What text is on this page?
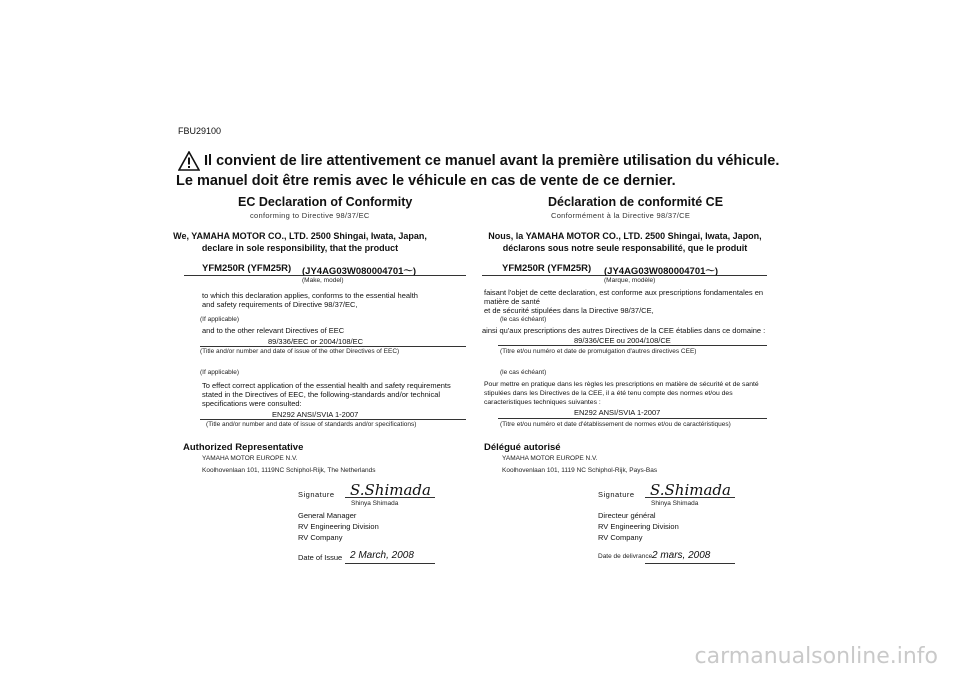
FBU29100
Il convient de lire attentivement ce manuel avant la première utilisation du véhicule. Le manuel doit être remis avec le véhicule en cas de vente de ce dernier.
EC Declaration of Conformity
conforming to Directive 98/37/EC
We, YAMAHA MOTOR CO., LTD. 2500 Shingai, Iwata, Japan,
declare in sole responsibility, that the product
YFM250R (YFM25R) (JY4AG03W080004701～)
(Make, model)
to which this declaration applies, conforms to the essential health
and safety requirements of Directive 98/37/EC,
(If applicable)
and to the other relevant Directives of EEC
89/336/EEC or 2004/108/EC
(Title and/or number and date of issue of the other Directives of EEC)
(If applicable)
To effect correct application of the essential health and safety requirements
stated in the Directives of EEC, the following-standards and/or technical
specifications were consulted:
EN292 ANSI/SVIA 1-2007
(Title and/or number and date of issue of standards and/or specifications)
Authorized Representative
YAMAHA MOTOR EUROPE N.V.
Koolhovenlaan 101, 1119NC Schiphol-Rijk, The Netherlands
Signature S.Shimada
Shinya Shimada
General Manager
RV Engineering Division
RV Company
Date of Issue 2 March, 2008
Déclaration de conformité CE
Conformément à la Directive 98/37/CE
Nous, la YAMAHA MOTOR CO., LTD. 2500 Shingai, Iwata, Japon,
déclarons sous notre seule responsabilité, que le produit
YFM250R (YFM25R) (JY4AG03W080004701～)
(Marque, modèle)
faisant l'objet de cette declaration, est conforme aux prescriptions fondamentales en
matière de santé
et de sécurité stipulées dans la Directive 98/37/CE,
(le cas échéant)
ainsi qu'aux prescriptions des autres Directives de la CEE établies dans ce domaine :
89/336/CEE ou 2004/108/CE
(Titre et/ou numéro et date de promulgation d'autres directives CEE)
(le cas échéant)
Pour mettre en pratique dans les règles les prescriptions en matière de sécurité et de santé
stipulées dans les Directives de la CEE, il a été tenu compte des normes et/ou des
caracteristiques techniques suivantes :
EN292 ANSI/SVIA 1-2007
(Titre et/ou numéro et date d'établissement de normes et/ou de caractéristiques)
Délégué autorisé
YAMAHA MOTOR EUROPE N.V.
Koolhovenlaan 101, 1119 NC Schiphol-Rijk, Pays-Bas
Signature S.Shimada
Shinya Shimada
Directeur général
RV Engineering Division
RV Company
Date de delivrance 2 mars, 2008
carmanualsonline.info
